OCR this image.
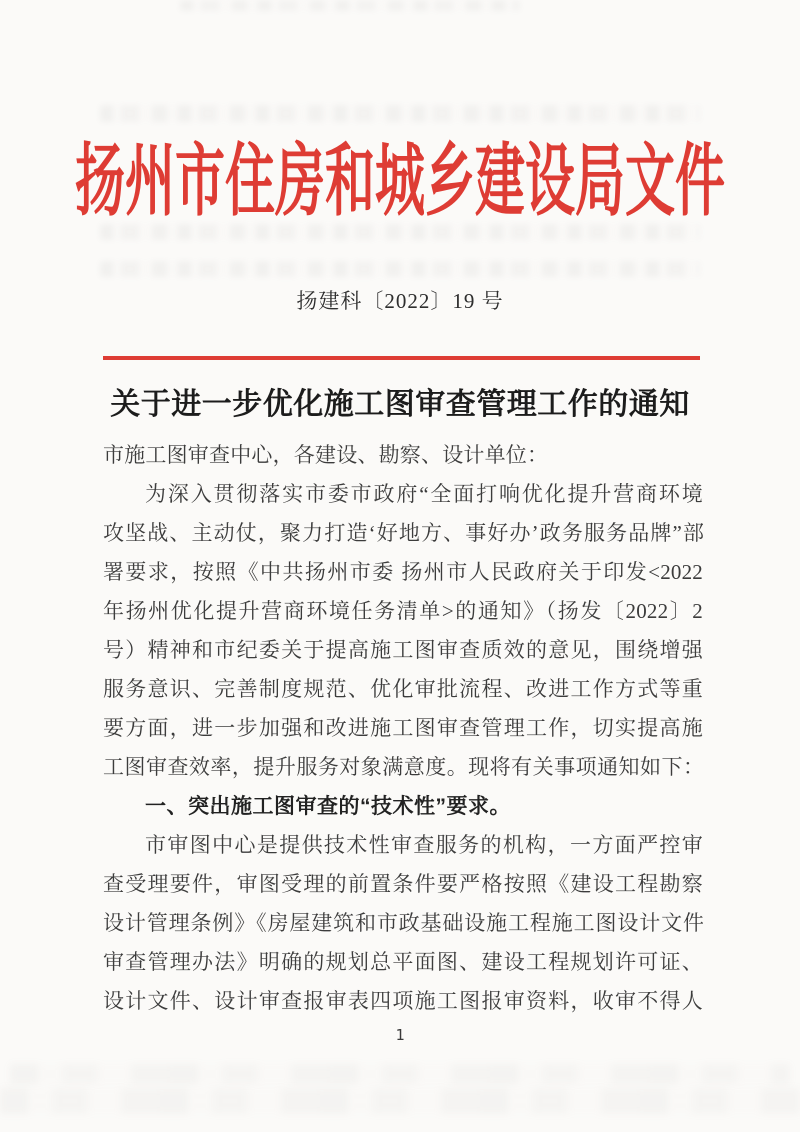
扬州市住房和城乡建设局文件
扬建科〔2022〕19 号
关于进一步优化施工图审查管理工作的通知
市施工图审查中心，各建设、勘察、设计单位：
为深入贯彻落实市委市政府“全面打响优化提升营商环境
攻坚战、主动仗，聚力打造‘好地方、事好办’政务服务品牌”部
署要求，按照《中共扬州市委 扬州市人民政府关于印发<2022
年扬州优化提升营商环境任务清单>的通知》（扬发〔2022〕2
号）精神和市纪委关于提高施工图审查质效的意见，围绕增强
服务意识、完善制度规范、优化审批流程、改进工作方式等重
要方面，进一步加强和改进施工图审查管理工作，切实提高施
工图审查效率，提升服务对象满意度。现将有关事项通知如下：
一、突出施工图审查的“技术性”要求。
市审图中心是提供技术性审查服务的机构，一方面严控审
查受理要件，审图受理的前置条件要严格按照《建设工程勘察
设计管理条例》《房屋建筑和市政基础设施工程施工图设计文件
审查管理办法》明确的规划总平面图、建设工程规划许可证、
设计文件、设计审查报审表四项施工图报审资料，收审不得人
1
